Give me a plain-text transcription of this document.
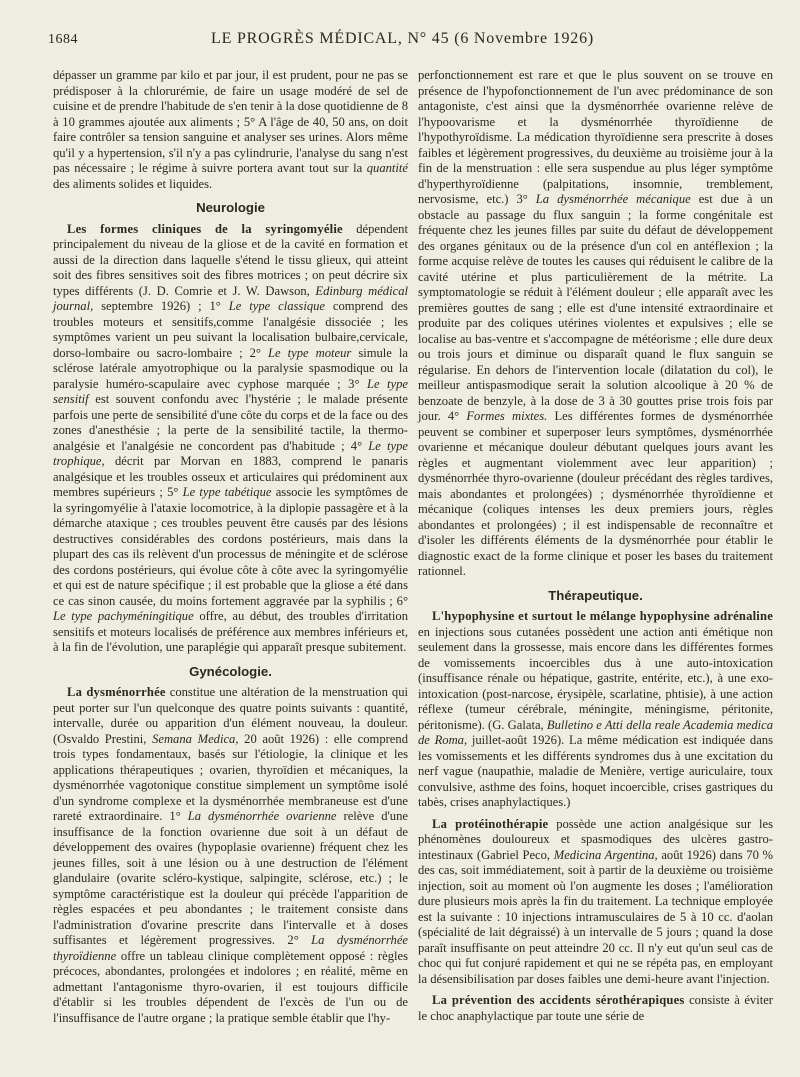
1684	LE PROGRÈS MÉDICAL, N° 45 (6 Novembre 1926)

dépasser un gramme par kilo et par jour, il est prudent, pour ne pas se prédisposer à la chlorurémie, de faire un usage modéré de sel de cuisine et de prendre l'habitude de s'en tenir à la dose quotidienne de 8 à 10 grammes ajoutée aux aliments ; 5° A l'âge de 40, 50 ans, on doit faire contrôler sa tension sanguine et analyser ses urines. Alors même qu'il y a hypertension, s'il n'y a pas cylindrurie, l'analyse du sang n'est pas nécessaire ; le régime à suivre portera avant tout sur la quantité des aliments solides et liquides.

Neurologie

Les formes cliniques de la syringomyélie dépendent principalement du niveau de la gliose et de la cavité en formation et aussi de la direction dans laquelle s'étend le tissu glieux, qui atteint soit des fibres sensitives soit des fibres motrices ; on peut décrire six types différents (J. D. Comrie et J. W. Dawson, Edinburg médical journal, septembre 1926) ; 1° Le type classique comprend des troubles moteurs et sensitifs,comme l'analgésie dissociée ; les symptômes varient un peu suivant la localisation bulbaire,cervicale, dorso-lombaire ou sacro-lombaire ; 2° Le type moteur simule la sclérose latérale amyotrophique ou la paralysie spasmodique ou la paralysie huméro-scapulaire avec cyphose marquée ; 3° Le type sensitif est souvent confondu avec l'hystérie ; le malade présente parfois une perte de sensibilité d'une côte du corps et de la face ou des zones d'anesthésie ; la perte de la sensibilité tactile, la thermo-analgésie et l'analgésie ne concordent pas d'habitude ; 4° Le type trophique, décrit par Morvan en 1883, comprend le panaris analgésique et les troubles osseux et articulaires qui prédominent aux membres supérieurs ; 5° Le type tabétique associe les symptômes de la syringomyélie à l'ataxie locomotrice, à la diplopie passagère et à la démarche ataxique ; ces troubles peuvent être causés par des lésions destructives considérables des cordons postérieurs, mais dans la plupart des cas ils relèvent d'un processus de méningite et de sclérose des cordons postérieurs, qui évolue côte à côte avec la syringomyélie et qui est de nature spécifique ; il est probable que la gliose a été dans ce cas sinon causée, du moins fortement aggravée par la syphilis ; 6° Le type pachyméningitique offre, au début, des troubles d'irritation sensitifs et moteurs localisés de préférence aux membres inférieurs et, à la fin de l'évolution, une paraplégie qui apparaît presque subitement.

Gynécologie.

La dysménorrhée constitue une altération de la menstruation qui peut porter sur l'un quelconque des quatre points suivants : quantité, intervalle, durée ou apparition d'un élément nouveau, la douleur. (Osvaldo Prestini, Semana Medica, 20 août 1926) : elle comprend trois types fondamentaux, basés sur l'étiologie, la clinique et les applications thérapeutiques ; ovarien, thyroïdien et mécaniques, la dysménorrhée vagotonique constitue simplement un symptôme isolé d'un syndrome complexe et la dysménorrhée membraneuse est d'une rareté extraordinaire. 1° La dysménorrhée ovarienne relève d'une insuffisance de la fonction ovarienne due soit à un défaut de développement des ovaires (hypoplasie ovarienne) fréquent chez les jeunes filles, soit à une lésion ou à une destruction de l'élément glandulaire (ovarite scléro-kystique, salpingite, sclérose, etc.) ; le symptôme caractéristique est la douleur qui précède l'apparition de règles espacées et peu abondantes ; le traitement consiste dans l'administration d'ovarine prescrite dans l'intervalle et à doses suffisantes et légèrement progressives. 2° La dysménorrhée thyroïdienne offre un tableau clinique complètement opposé : règles précoces, abondantes, prolongées et indolores ; en réalité, même en admettant l'antagonisme thyro-ovarien, il est toujours difficile d'établir si les troubles dépendent de l'excès de l'un ou de l'insuffisance de l'autre organe ; la pratique semble établir que l'hy-

perfonctionnement est rare et que le plus souvent on se trouve en présence de l'hypofonctionnement de l'un avec prédominance de son antagoniste, c'est ainsi que la dysménorrhée ovarienne relève de l'hypoovarisme et la dysménorrhée thyroïdienne de l'hypothyroïdisme. La médication thyroïdienne sera prescrite à doses faibles et légèrement progressives, du deuxième au troisième jour à la fin de la menstruation : elle sera suspendue au plus léger symptôme d'hyperthyroïdienne (palpitations, insomnie, tremblement, nervosisme, etc.) 3° La dysménorrhée mécanique est due à un obstacle au passage du flux sanguin ; la forme congénitale est fréquente chez les jeunes filles par suite du défaut de développement des organes génitaux ou de la présence d'un col en antéflexion ; la forme acquise relève de toutes les causes qui réduisent le calibre de la cavité utérine et plus particulièrement de la métrite. La symptomatologie se réduit à l'élément douleur ; elle apparaît avec les premières gouttes de sang ; elle est d'une intensité extraordinaire et produite par des coliques utérines violentes et expulsives ; elle se localise au bas-ventre et s'accompagne de météorisme ; elle dure deux ou trois jours et diminue ou disparaît quand le flux sanguin se régularise. En dehors de l'intervention locale (dilatation du col), le meilleur antispasmodique serait la solution alcoolique à 20 % de benzoate de benzyle, à la dose de 3 à 30 gouttes prise trois fois par jour. 4° Formes mixtes. Les différentes formes de dysménorrhée peuvent se combiner et superposer leurs symptômes, dysménorrhée ovarienne et mécanique douleur débutant quelques jours avant les règles et augmentant violemment avec leur apparition) ; dysménorrhée thyro-ovarienne (douleur précédant des règles tardives, mais abondantes et prolongées) ; dysménorrhée thyroïdienne et mécanique (coliques intenses les deux premiers jours, règles abondantes et prolongées) ; il est indispensable de reconnaître et d'isoler les différents éléments de la dysménorrhée pour établir le diagnostic exact de la forme clinique et poser les bases du traitement rationnel.

Thérapeutique.

L'hypophysine et surtout le mélange hypophysine adrénaline en injections sous cutanées possèdent une action anti émétique non seulement dans la grossesse, mais encore dans les différentes formes de vomissements incoercibles dus à une auto-intoxication (insuffisance rénale ou hépatique, gastrite, entérite, etc.), à une exo-intoxication (post-narcose, érysipèle, scarlatine, phtisie), à une action réflexe (tumeur cérébrale, méningite, méningisme, péritonite, péritonisme). (G. Galata, Bulletino e Atti della reale Academia medica de Roma, juillet-août 1926). La même médication est indiquée dans les vomissements et les différents syndromes dus à une excitation du nerf vague (naupathie, maladie de Menière, vertige auriculaire, toux convulsive, asthme des foins, hoquet incoercible, crises gastriques du tabès, crises anaphylactiques.)

La protéinothérapie possède une action analgésique sur les phénomènes douloureux et spasmodiques des ulcères gastro-intestinaux (Gabriel Peco, Medicina Argentina, août 1926) dans 70 % des cas, soit immédiatement, soit à partir de la deuxième ou troisième injection, soit au moment où l'on augmente les doses ; l'amélioration dure plusieurs mois après la fin du traitement. La technique employée est la suivante : 10 injections intramusculaires de 5 à 10 cc. d'aolan (spécialité de lait dégraissé) à un intervalle de 5 jours ; quand la dose paraît insuffisante on peut atteindre 20 cc. Il n'y eut qu'un seul cas de choc qui fut conjuré rapidement et qui ne se répéta pas, en employant la désensibilisation par doses faibles une demi-heure avant l'injection.

La prévention des accidents sérothérapiques consiste à éviter le choc anaphylactique par toute une série de
